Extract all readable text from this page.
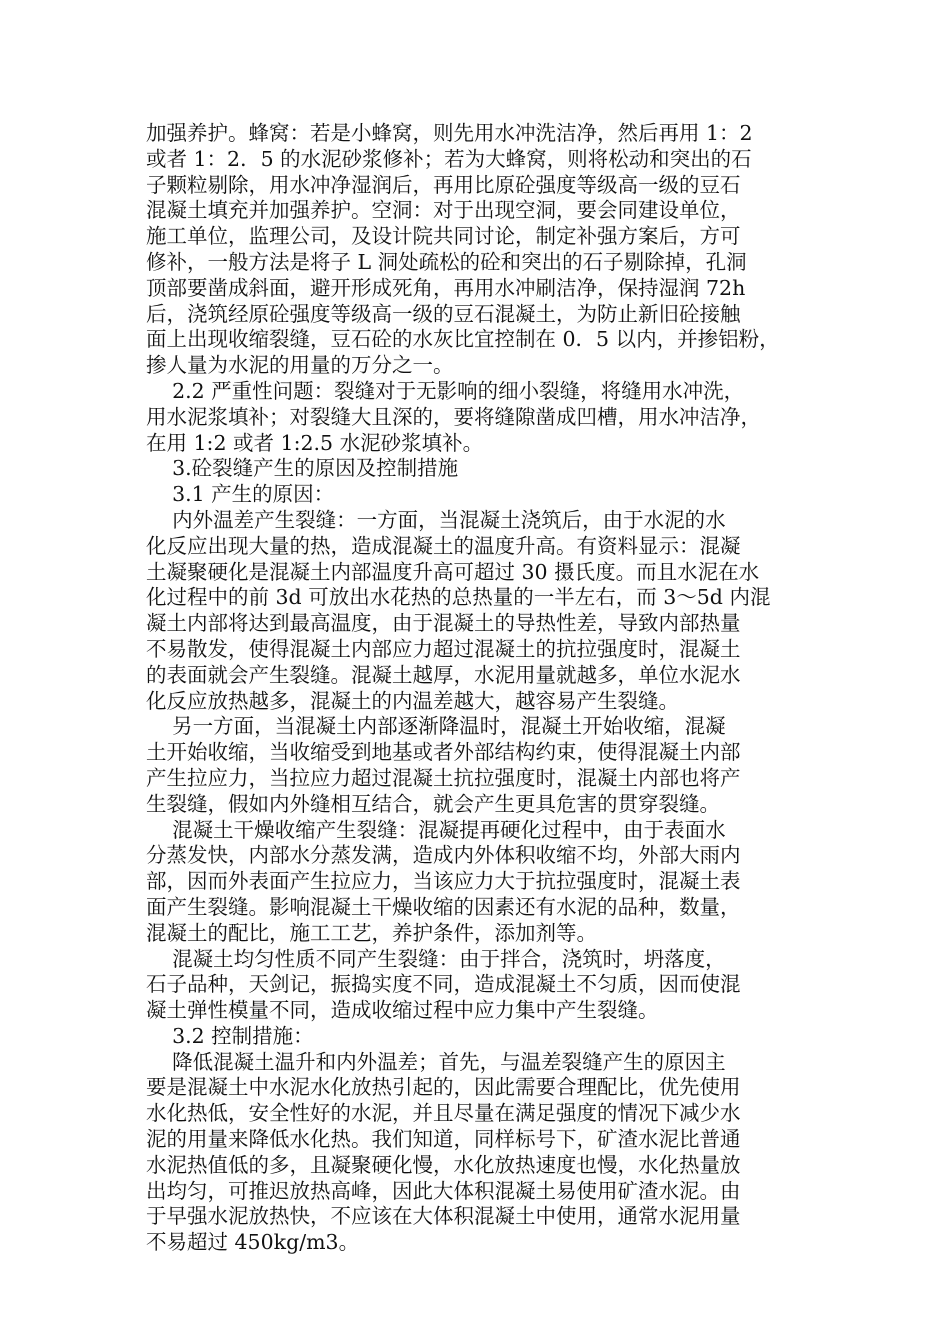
加强养护。蜂窝：若是小蜂窝，则先用水冲洗洁净，然后再用 1：2
或者 1：2．5 的水泥砂浆修补；若为大蜂窝，则将松动和突出的石
子颗粒剔除，用水冲净湿润后，再用比原砼强度等级高一级的豆石
混凝土填充并加强养护。空洞：对于出现空洞，要会同建设单位，
施工单位，监理公司，及设计院共同讨论，制定补强方案后，方可
修补，一般方法是将子 L 洞处疏松的砼和突出的石子剔除掉，孔洞
顶部要凿成斜面，避开形成死角，再用水冲刷洁净，保持湿润 72h
后，浇筑经原砼强度等级高一级的豆石混凝土，为防止新旧砼接触
面上出现收缩裂缝，豆石砼的水灰比宜控制在 0．5 以内，并掺铝粉，
掺人量为水泥的用量的万分之一。
2.2 严重性问题：裂缝对于无影响的细小裂缝，将缝用水冲洗，
用水泥浆填补；对裂缝大且深的，要将缝隙凿成凹槽，用水冲洁净，
在用 1:2 或者 1:2.5 水泥砂浆填补。
3.砼裂缝产生的原因及控制措施
3.1 产生的原因：
内外温差产生裂缝：一方面，当混凝土浇筑后，由于水泥的水
化反应出现大量的热，造成混凝土的温度升高。有资料显示：混凝
土凝聚硬化是混凝土内部温度升高可超过 30 摄氏度。而且水泥在水
化过程中的前 3d 可放出水花热的总热量的一半左右，而 3～5d 内混
凝土内部将达到最高温度，由于混凝土的导热性差，导致内部热量
不易散发，使得混凝土内部应力超过混凝土的抗拉强度时，混凝土
的表面就会产生裂缝。混凝土越厚，水泥用量就越多，单位水泥水
化反应放热越多，混凝土的内温差越大，越容易产生裂缝。
另一方面，当混凝土内部逐渐降温时，混凝土开始收缩，混凝
土开始收缩，当收缩受到地基或者外部结构约束，使得混凝土内部
产生拉应力，当拉应力超过混凝土抗拉强度时，混凝土内部也将产
生裂缝，假如内外缝相互结合，就会产生更具危害的贯穿裂缝。
混凝土干燥收缩产生裂缝：混凝提再硬化过程中，由于表面水
分蒸发快，内部水分蒸发满，造成内外体积收缩不均，外部大雨内
部，因而外表面产生拉应力，当该应力大于抗拉强度时，混凝土表
面产生裂缝。影响混凝土干燥收缩的因素还有水泥的品种，数量，
混凝土的配比，施工工艺，养护条件，添加剂等。
混凝土均匀性质不同产生裂缝：由于拌合，浇筑时，坍落度，
石子品种，天剑记，振捣实度不同，造成混凝土不匀质，因而使混
凝土弹性模量不同，造成收缩过程中应力集中产生裂缝。
3.2 控制措施：
降低混凝土温升和内外温差；首先，与温差裂缝产生的原因主
要是混凝土中水泥水化放热引起的，因此需要合理配比，优先使用
水化热低，安全性好的水泥，并且尽量在满足强度的情况下减少水
泥的用量来降低水化热。我们知道，同样标号下，矿渣水泥比普通
水泥热值低的多，且凝聚硬化慢，水化放热速度也慢，水化热量放
出均匀，可推迟放热高峰，因此大体积混凝土易使用矿渣水泥。由
于早强水泥放热快，不应该在大体积混凝土中使用，通常水泥用量
不易超过 450kg/m3。
